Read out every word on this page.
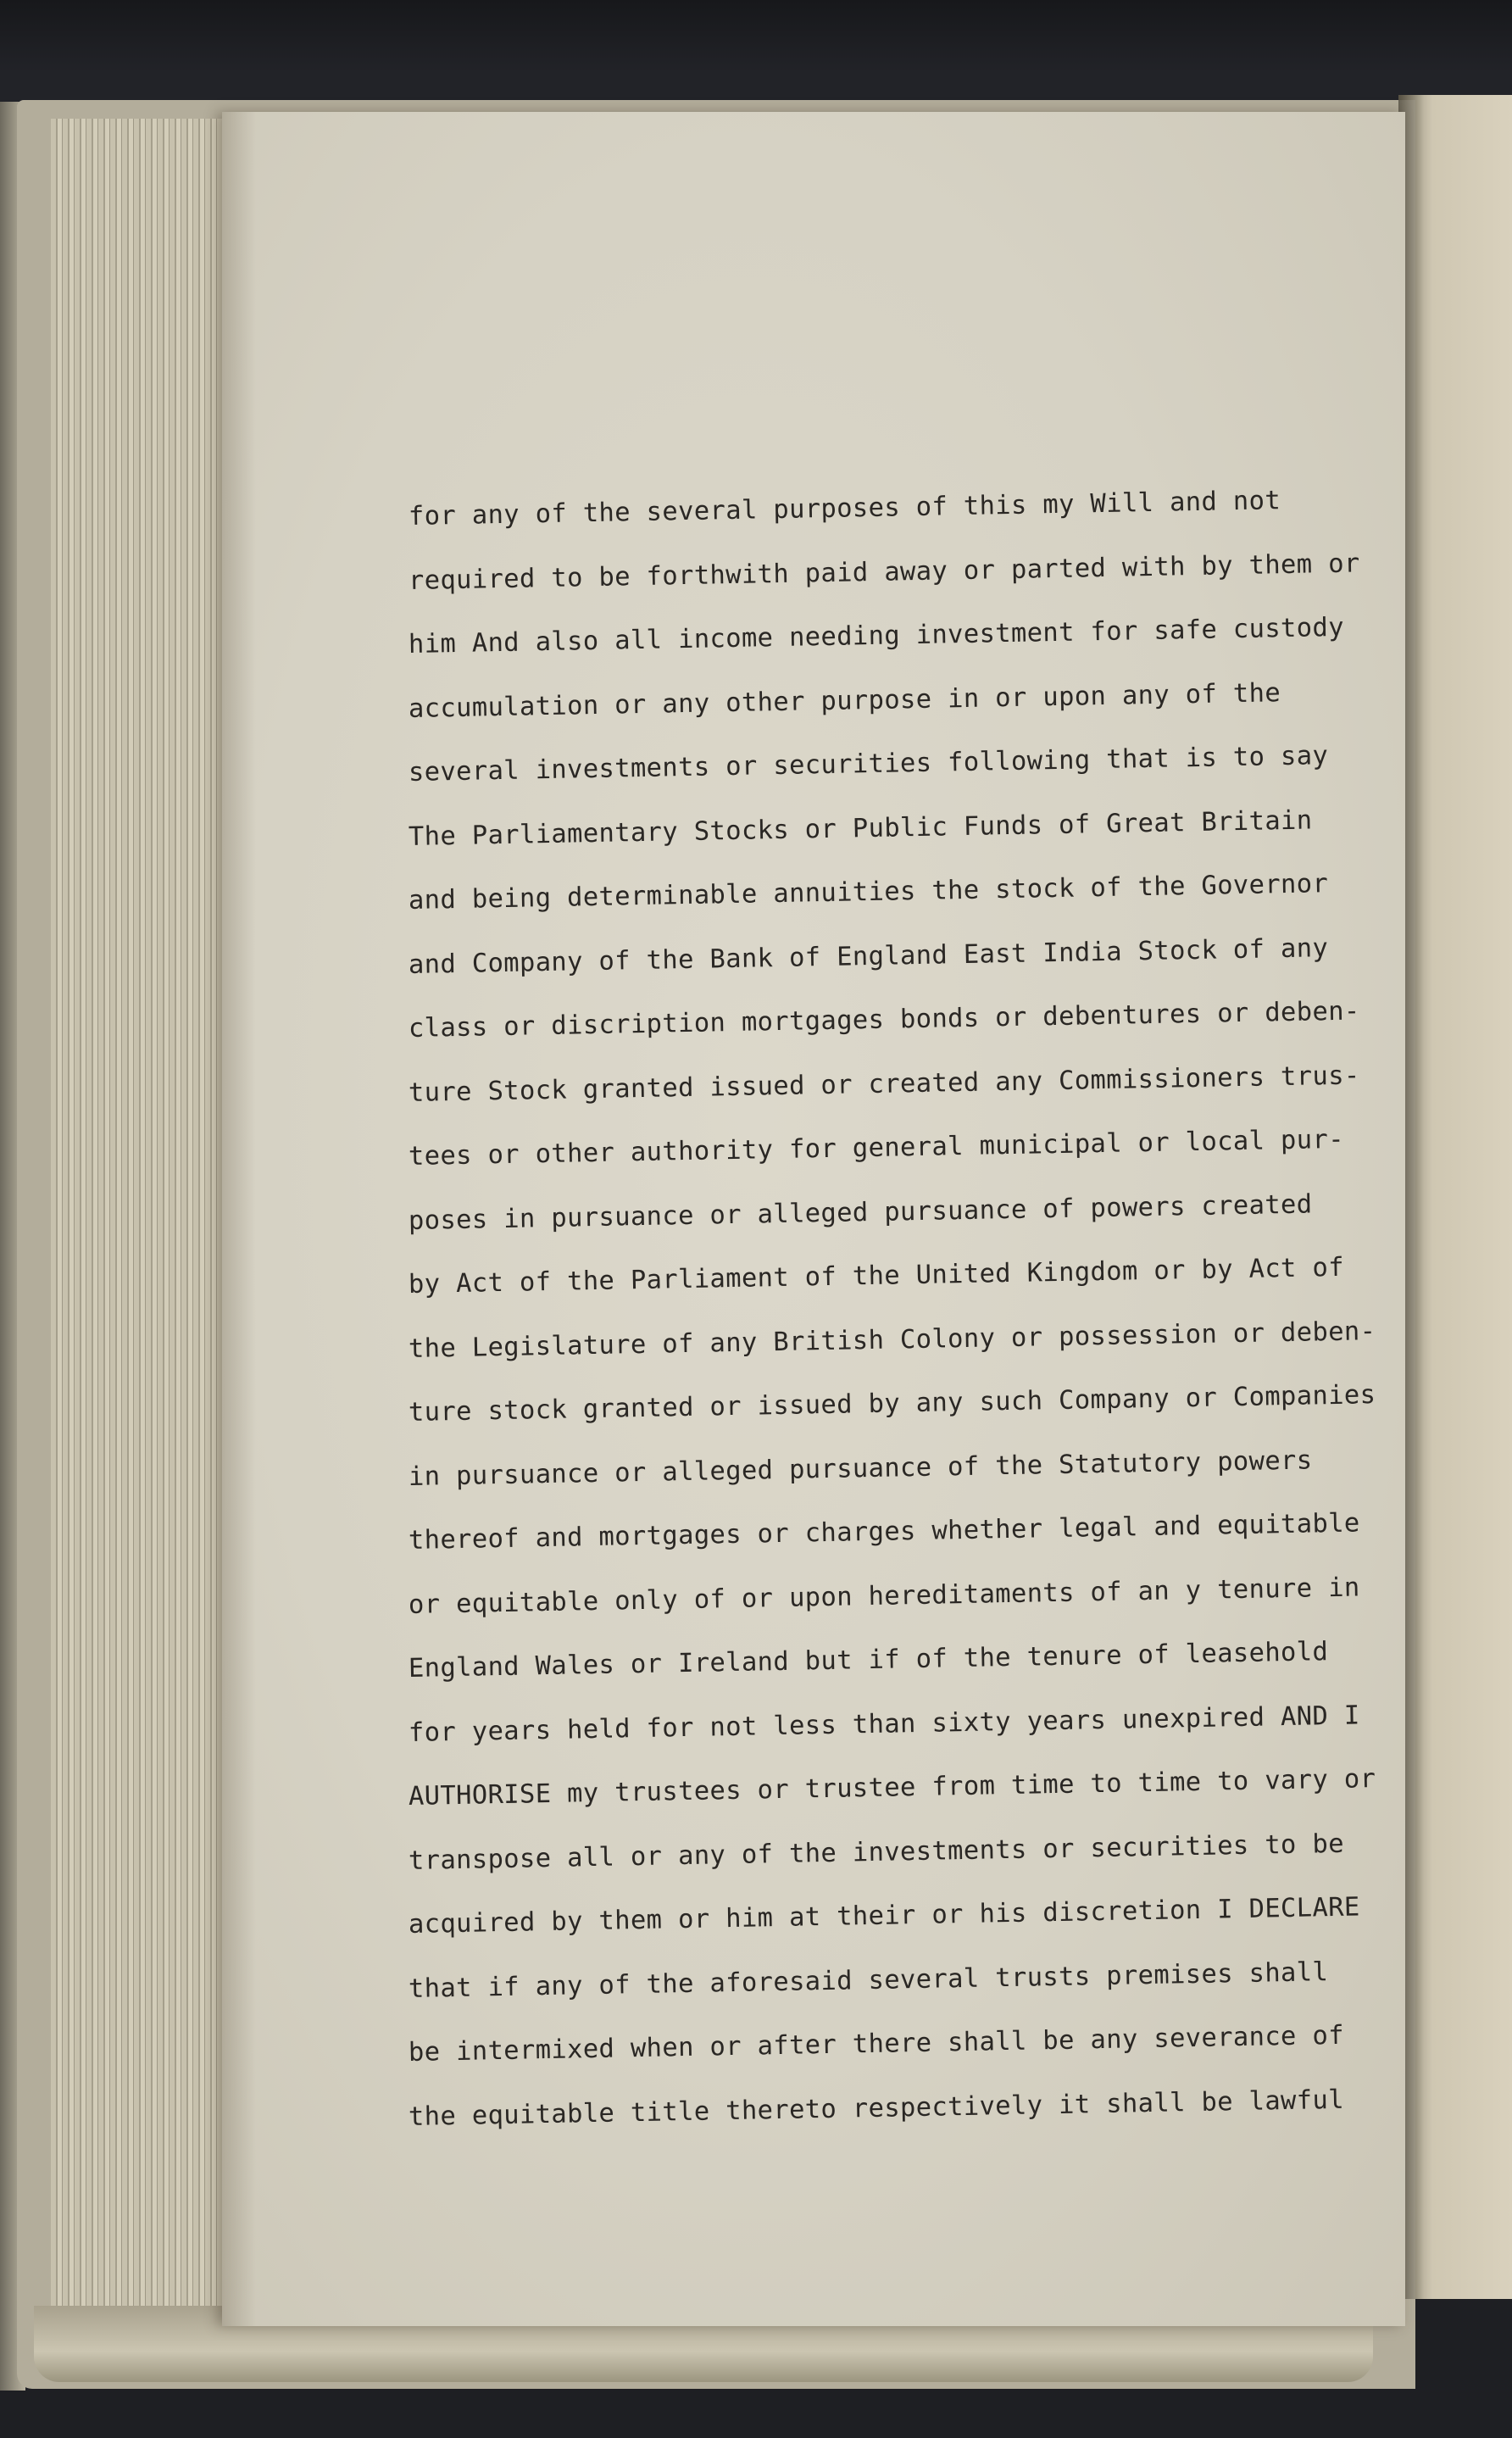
for any of the several purposes of this my Will and not
required to be forthwith paid away or parted with by them or
him And also all income needing investment for safe custody
accumulation or any other purpose in or upon any of the
several investments or securities following that is to say
The Parliamentary Stocks or Public Funds of Great Britain
and being determinable annuities the stock of the Governor
and Company of the Bank of England East India Stock of any
class or discription mortgages bonds or debentures or deben-
ture Stock granted issued or created any Commissioners trus-
tees or other authority for general municipal or local pur-
poses in pursuance or alleged pursuance of powers created
by Act of the Parliament of the United Kingdom or by Act of
the Legislature of any British Colony or possession or deben-
ture stock granted or issued by any such Company or Companies
in pursuance or alleged pursuance of the Statutory powers
thereof and mortgages or charges whether legal and equitable
or equitable only of or upon hereditaments of an y tenure in
England Wales or Ireland but if of the tenure of leasehold
for years held for not less than sixty years unexpired AND I
AUTHORISE my trustees or trustee from time to time to vary or
transpose all or any of the investments or securities to be
acquired by them or him at their or his discretion I DECLARE
that if any of the aforesaid several trusts premises shall
be intermixed when or after there shall be any severance of
the equitable title thereto respectively it shall be lawful
